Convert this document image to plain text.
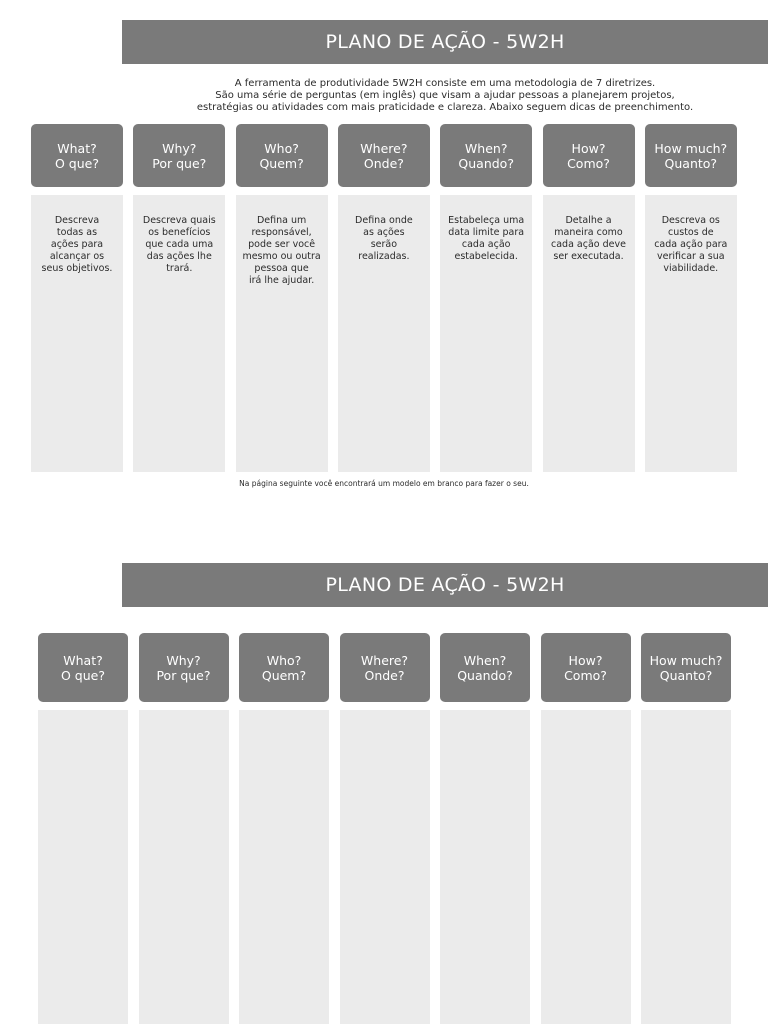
PLANO DE AÇÃO - 5W2H
A ferramenta de produtividade 5W2H consiste em uma metodologia de 7 diretrizes.
São uma série de perguntas (em inglês) que visam a ajudar pessoas a planejarem projetos,
estratégias ou atividades com mais praticidade e clareza. Abaixo seguem dicas de preenchimento.
What?
O que?
Descreva
todas as
ações para
alcançar os
seus objetivos.
Why?
Por que?
Descreva quais
os benefícios
que cada uma
das ações lhe
trará.
Who?
Quem?
Defina um
responsável,
pode ser você
mesmo ou outra
pessoa que
irá lhe ajudar.
Where?
Onde?
Defina onde
as ações
serão
realizadas.
When?
Quando?
Estabeleça uma
data limite para
cada ação
estabelecida.
How?
Como?
Detalhe a
maneira como
cada ação deve
ser executada.
How much?
Quanto?
Descreva os
custos de
cada ação para
verificar a sua
viabilidade.
Na página seguinte você encontrará um modelo em branco para fazer o seu.
PLANO DE AÇÃO - 5W2H
What?
O que?
Why?
Por que?
Who?
Quem?
Where?
Onde?
When?
Quando?
How?
Como?
How much?
Quanto?
